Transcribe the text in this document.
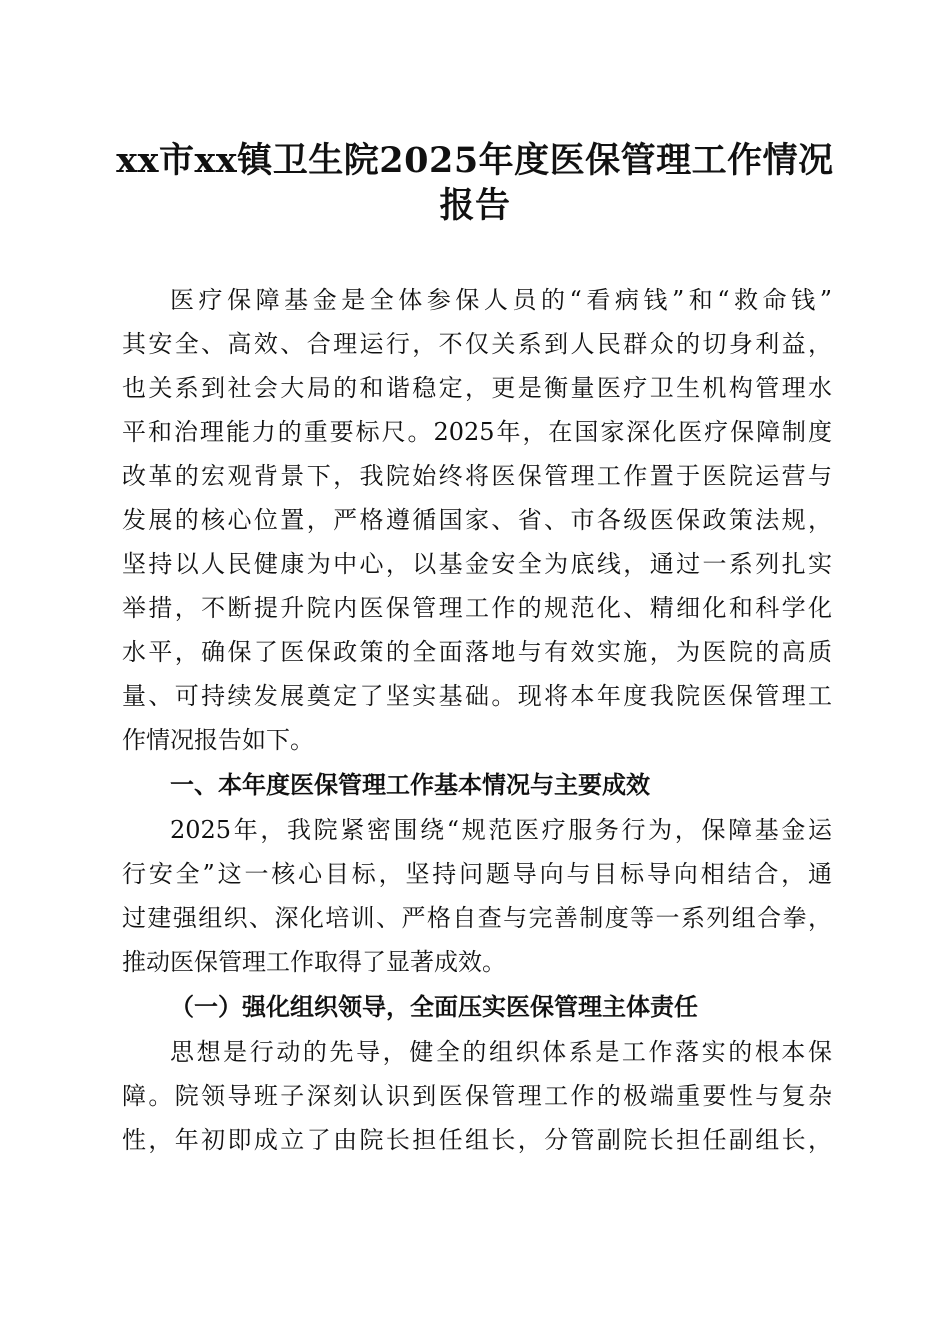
xx市xx镇卫生院2025年度医保管理工作情况
报告
医疗保障基金是全体参保人员的“看病钱”和“救命钱”
其安全、高效、合理运行，不仅关系到人民群众的切身利益，
也关系到社会大局的和谐稳定，更是衡量医疗卫生机构管理水
平和治理能力的重要标尺。2025年，在国家深化医疗保障制度
改革的宏观背景下，我院始终将医保管理工作置于医院运营与
发展的核心位置，严格遵循国家、省、市各级医保政策法规，
坚持以人民健康为中心，以基金安全为底线，通过一系列扎实
举措，不断提升院内医保管理工作的规范化、精细化和科学化
水平，确保了医保政策的全面落地与有效实施，为医院的高质
量、可持续发展奠定了坚实基础。现将本年度我院医保管理工
作情况报告如下。
一、本年度医保管理工作基本情况与主要成效
2025年，我院紧密围绕“规范医疗服务行为，保障基金运
行安全”这一核心目标，坚持问题导向与目标导向相结合，通
过建强组织、深化培训、严格自查与完善制度等一系列组合拳，
推动医保管理工作取得了显著成效。
（一）强化组织领导，全面压实医保管理主体责任
思想是行动的先导，健全的组织体系是工作落实的根本保
障。院领导班子深刻认识到医保管理工作的极端重要性与复杂
性，年初即成立了由院长担任组长，分管副院长担任副组长，
